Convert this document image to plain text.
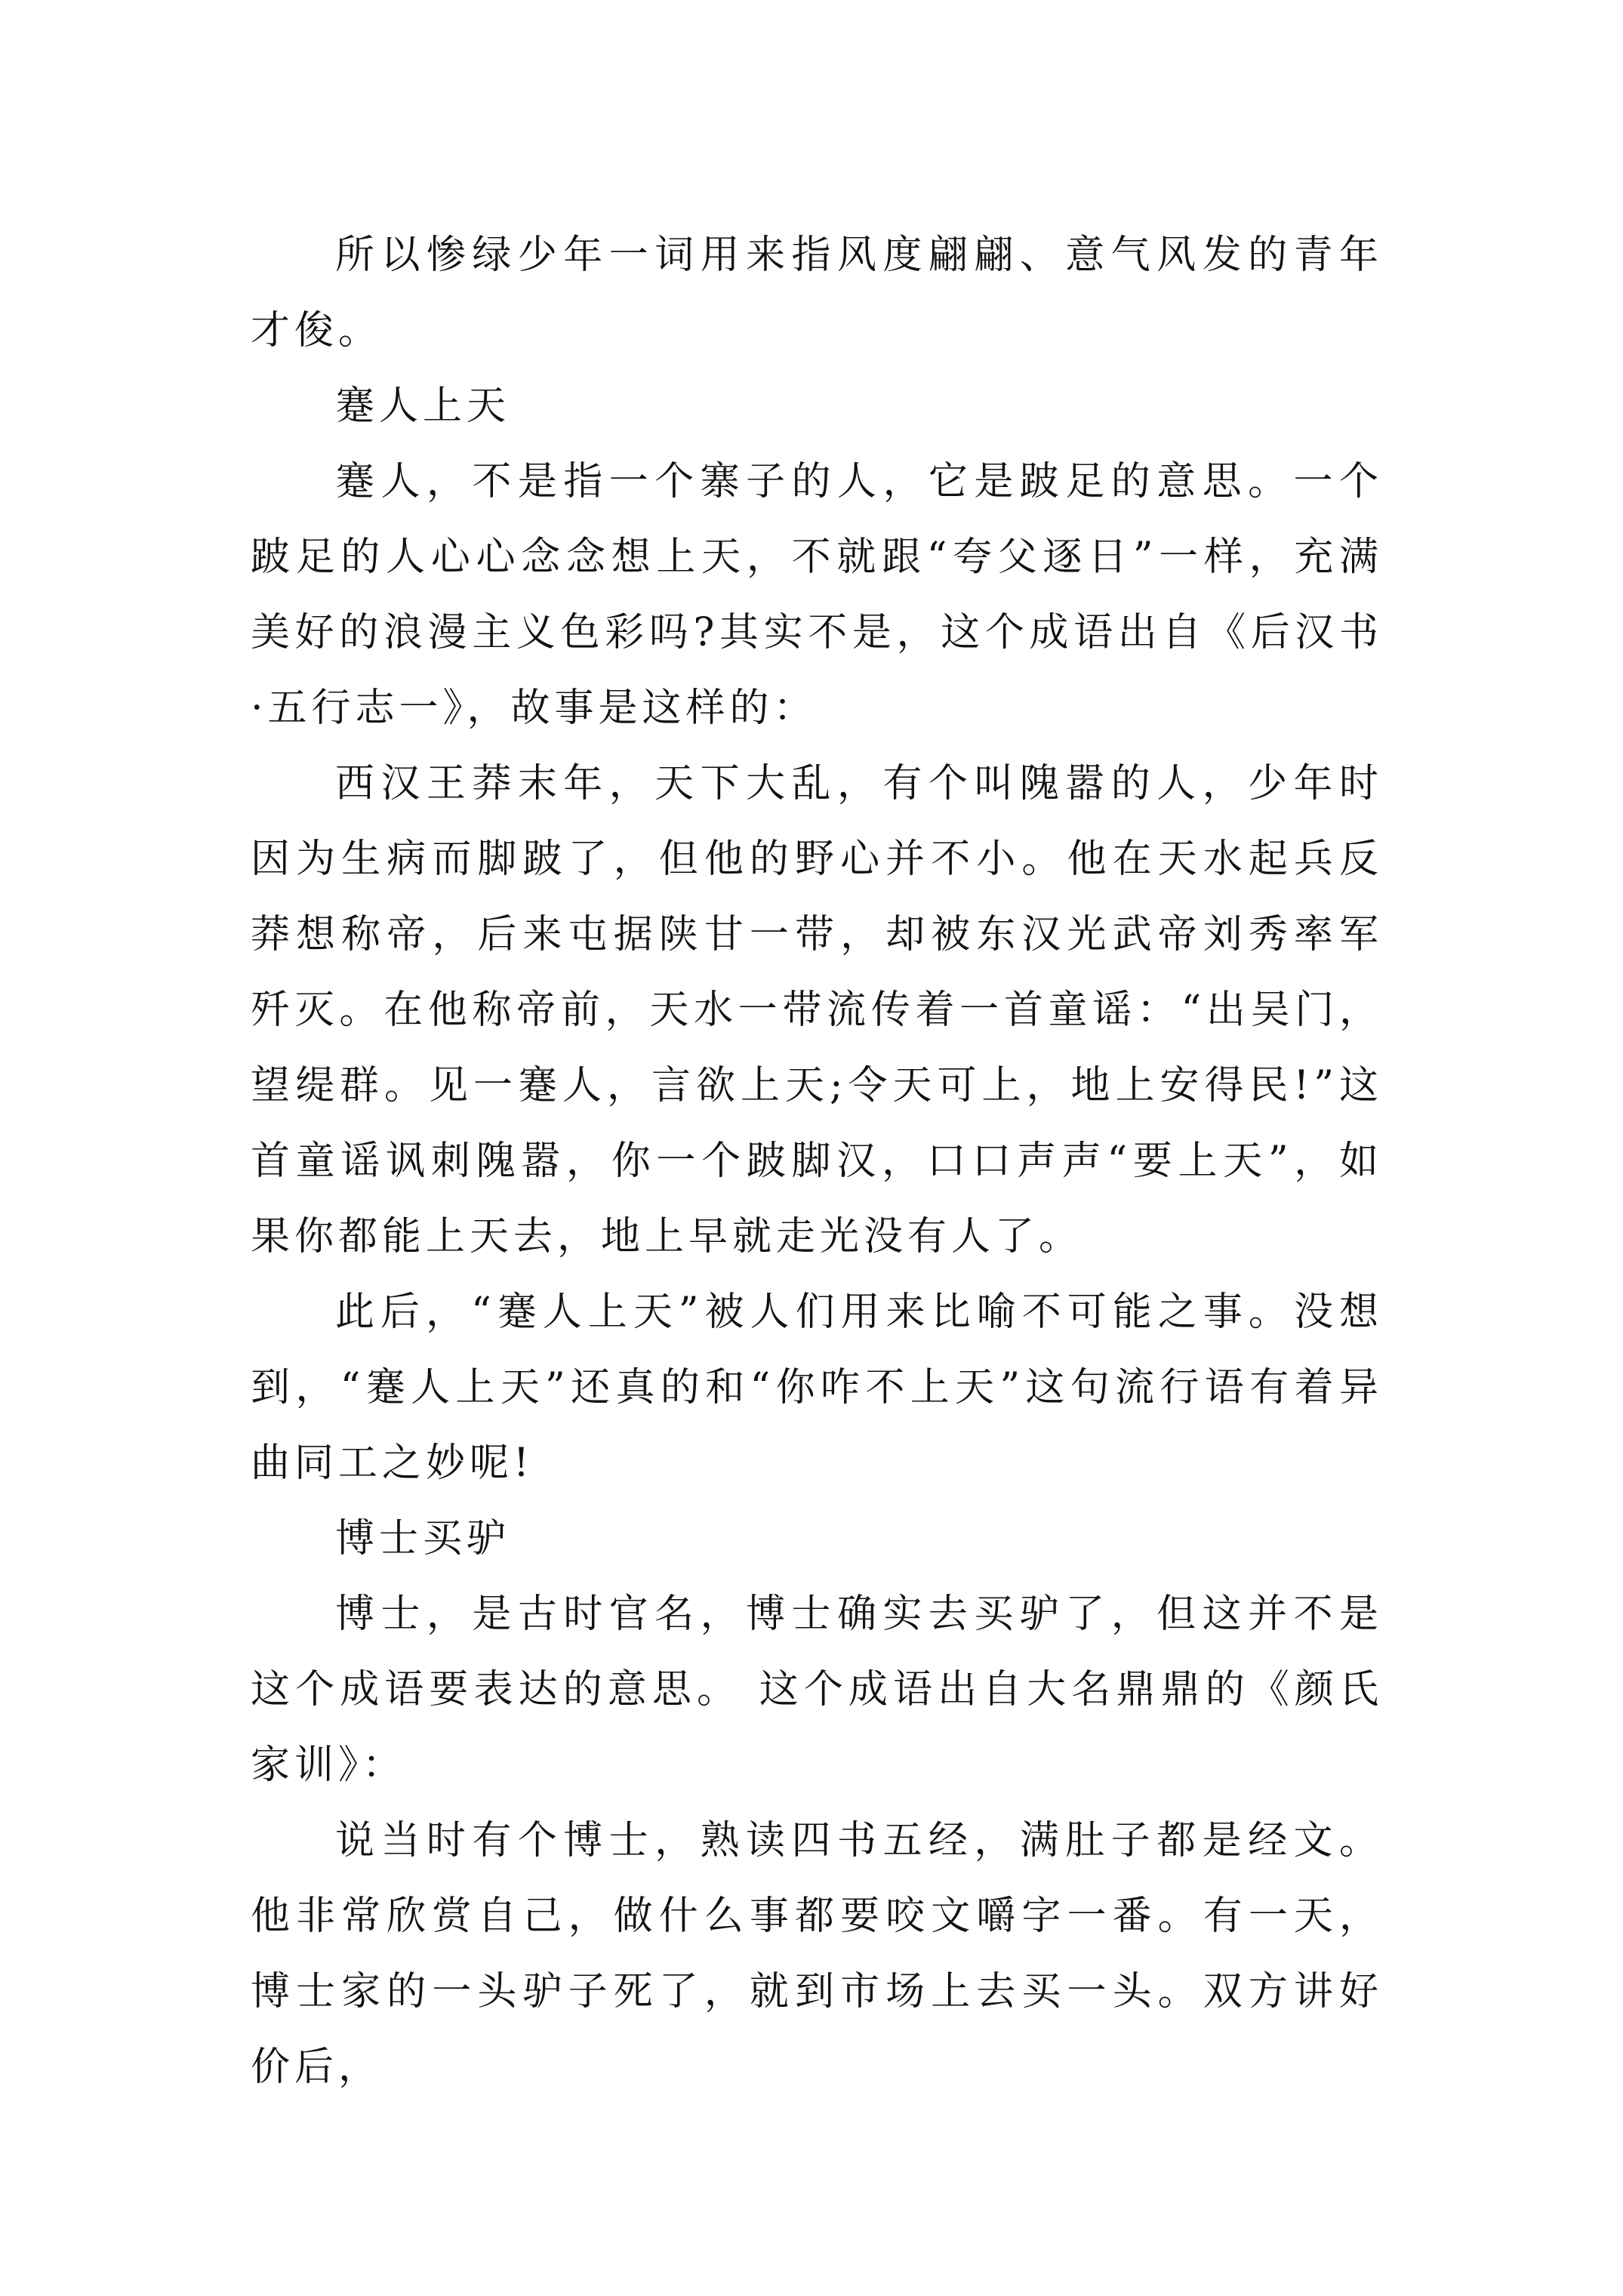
所以惨绿少年一词用来指风度翩翩、意气风发的青年才俊。

蹇人上天

蹇人，不是指一个寨子的人，它是跛足的意思。一个跛足的人心心念念想上天，不就跟“夸父逐日”一样，充满美好的浪漫主义色彩吗?其实不是，这个成语出自《后汉书·五行志一》，故事是这样的：

西汉王莽末年，天下大乱，有个叫隗嚣的人，少年时因为生病而脚跛了，但他的野心并不小。他在天水起兵反莽想称帝，后来屯据陕甘一带，却被东汉光武帝刘秀率军歼灭。在他称帝前，天水一带流传着一首童谣：“出吴门，望缇群。见一蹇人，言欲上天;令天可上，地上安得民!”这首童谣讽刺隗嚣，你一个跛脚汉，口口声声“要上天”，如果你都能上天去，地上早就走光没有人了。

此后，“蹇人上天”被人们用来比喻不可能之事。没想到，“蹇人上天”还真的和“你咋不上天”这句流行语有着异曲同工之妙呢!

博士买驴

博士，是古时官名，博士确实去买驴了，但这并不是这个成语要表达的意思。 这个成语出自大名鼎鼎的《颜氏家训》：

说当时有个博士，熟读四书五经，满肚子都是经文。他非常欣赏自己，做什么事都要咬文嚼字一番。有一天，博士家的一头驴子死了，就到市场上去买一头。双方讲好价后，
